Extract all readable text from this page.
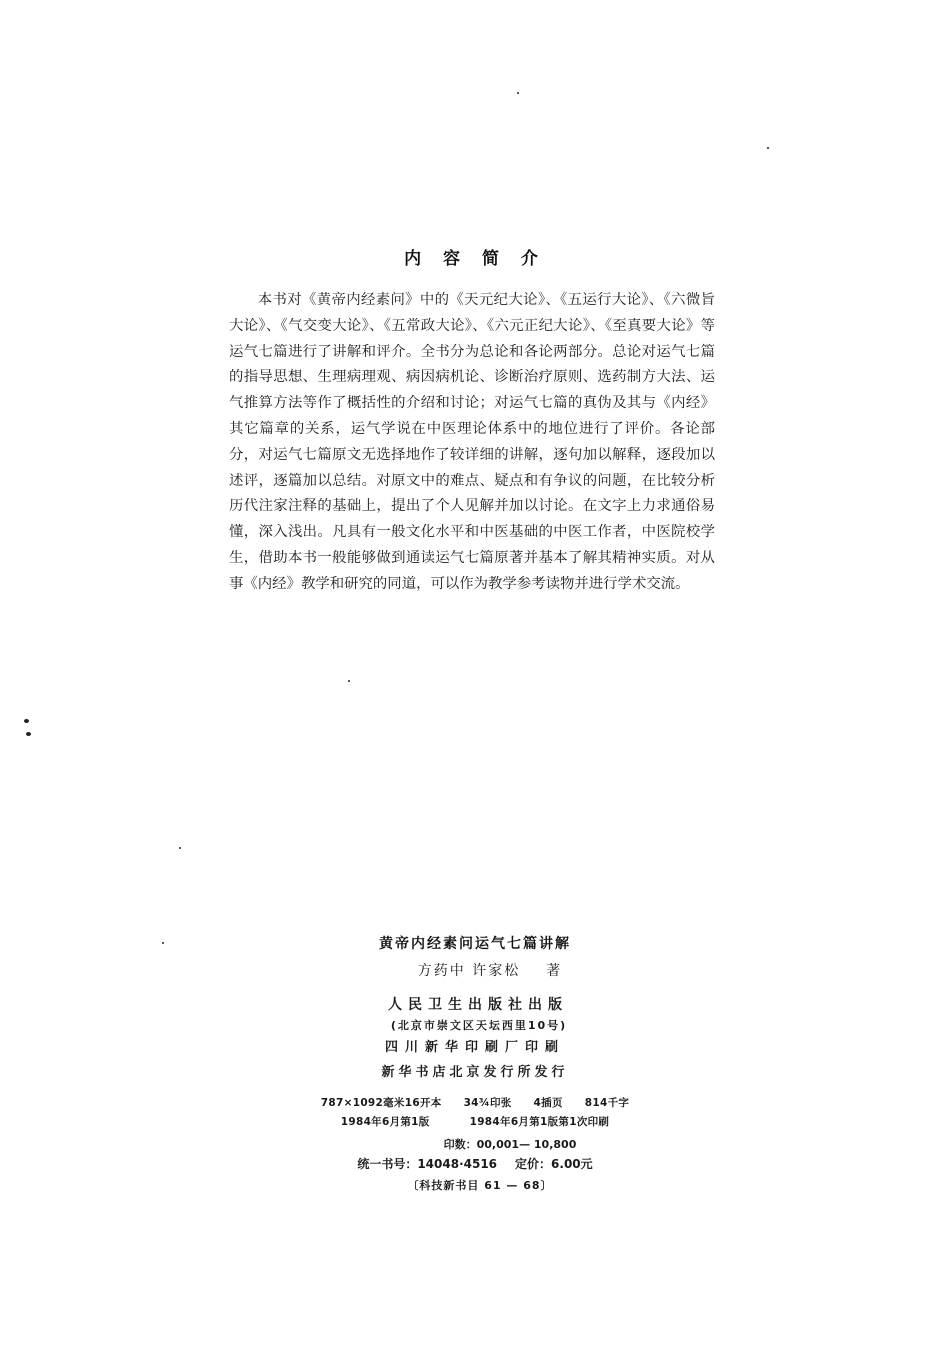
内 容 简 介

本书对《黄帝内经素问》中的《天元纪大论》、《五运行大论》、《六微旨大论》、《气交变大论》、《五常政大论》、《六元正纪大论》、《至真要大论》等运气七篇进行了讲解和评介。全书分为总论和各论两部分。总论对运气七篇的指导思想、生理病理观、病因病机论、诊断治疗原则、选药制方大法、运气推算方法等作了概括性的介绍和讨论；对运气七篇的真伪及其与《内经》其它篇章的关系，运气学说在中医理论体系中的地位进行了评价。各论部分，对运气七篇原文无选择地作了较详细的讲解，逐句加以解释，逐段加以述评，逐篇加以总结。对原文中的难点、疑点和有争议的问题，在比较分析历代注家注释的基础上，提出了个人见解并加以讨论。在文字上力求通俗易懂，深入浅出。凡具有一般文化水平和中医基础的中医工作者，中医院校学生，借助本书一般能够做到通读运气七篇原著并基本了解其精神实质。对从事《内经》教学和研究的同道，可以作为教学参考读物并进行学术交流。

黄帝内经素问运气七篇讲解
方药中 许家松 著
人民卫生出版社出版
(北京市崇文区天坛西里10号)
四川新华印刷厂印刷
新华书店北京发行所发行
787×1092毫米16开本 34¾印张 4插页 814千字
1984年6月第1版	1984年6月第1版第1次印刷
印数：00,001— 10,800
统一书号：14048·4516 定价：6.00元
〔科技新书目 61 — 68〕
